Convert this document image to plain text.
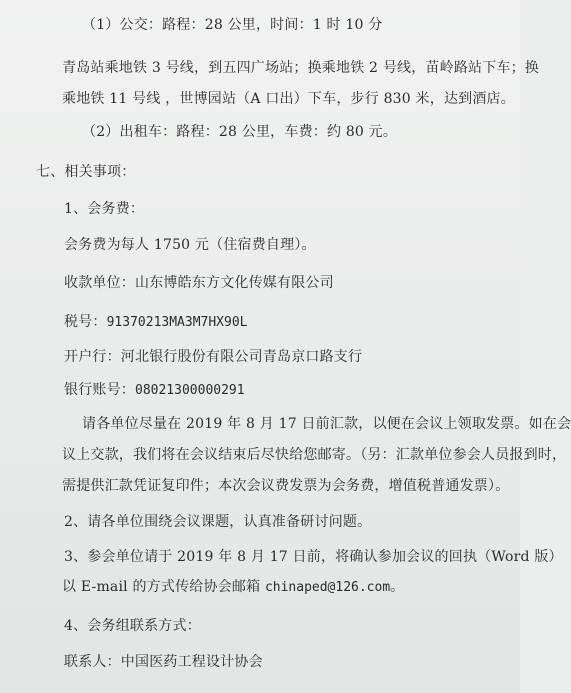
（1）公交：路程：28 公里，时间：1 时 10 分
青岛站乘地铁 3 号线，到五四广场站；换乘地铁 2 号线，苗岭路站下车；换
乘地铁 11 号线 ，世博园站（A 口出）下车，步行 830 米，达到酒店。
（2）出租车：路程：28 公里，车费：约 80 元。
七、相关事项：
1、会务费：
会务费为每人 1750 元（住宿费自理）。
收款单位：山东博皓东方文化传媒有限公司
税号：91370213MA3M7HX90L
开户行：河北银行股份有限公司青岛京口路支行
银行账号：08021300000291
请各单位尽量在 2019 年 8 月 17 日前汇款，以便在会议上领取发票。如在会
议上交款，我们将在会议结束后尽快给您邮寄。（另：汇款单位参会人员报到时，
需提供汇款凭证复印件；本次会议费发票为会务费，增值税普通发票）。
2、请各单位围绕会议课题，认真准备研讨问题。
3、参会单位请于 2019 年 8 月 17 日前，将确认参加会议的回执（Word 版）
以 E-mail 的方式传给协会邮箱 chinaped@126.com。
4、会务组联系方式：
联系人：中国医药工程设计协会
